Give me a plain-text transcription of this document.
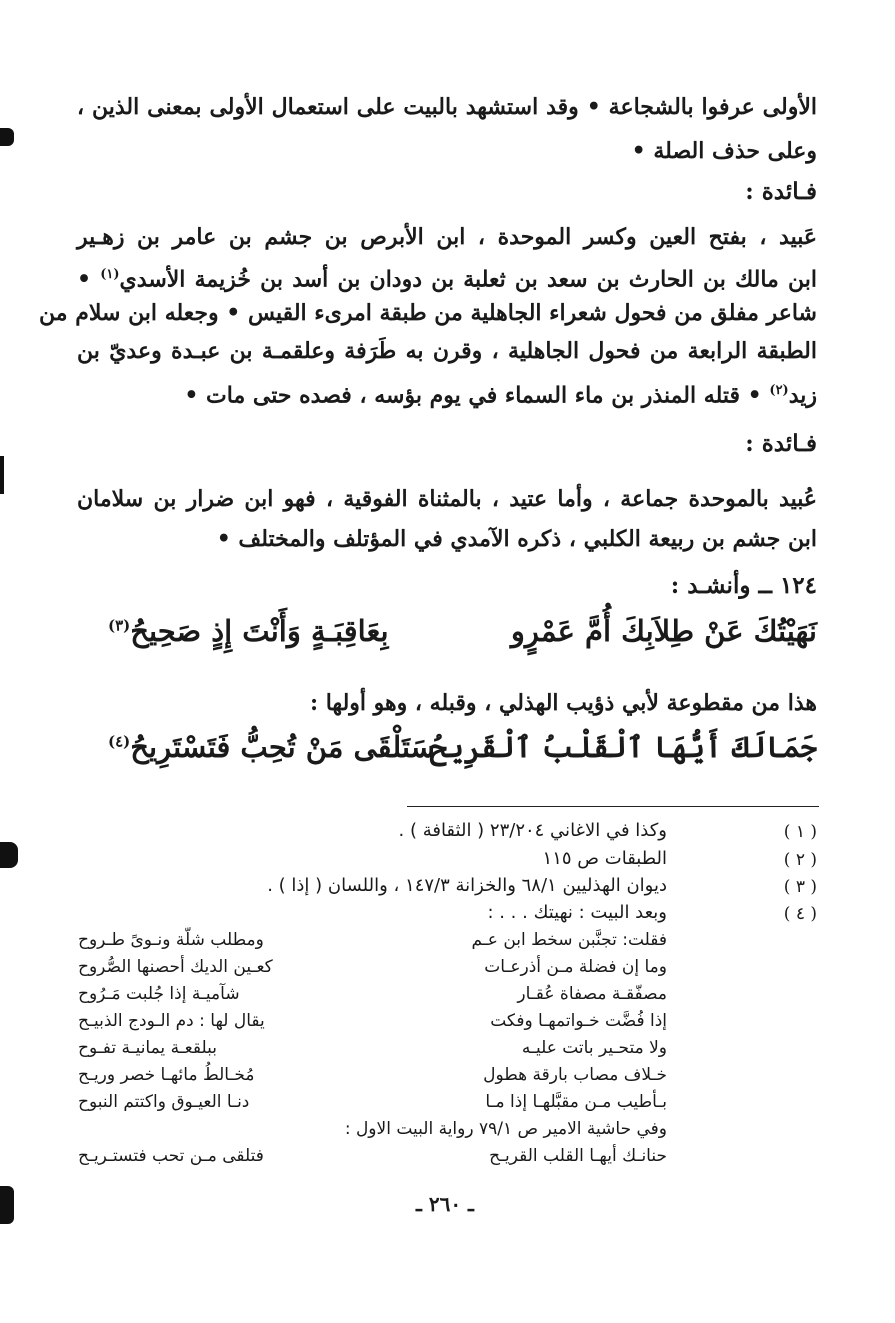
الأولى عرفوا بالشجاعة • وقد استشهد بالبيت على استعمال الأولى بمعنى الذين ،
وعلى حذف الصلة •
فـائدة :
عَبيد ، بفتح العين وكسر الموحدة ، ابن الأبرص بن جشم بن عامر بن زهـير
ابن مالك بن الحارث بن سعد بن ثعلبة بن دودان بن أسد بن خُزيمة الأسدي$^{(١)}$ •
شاعر مفلق من فحول شعراء الجاهلية من طبقة امرىء القيس • وجعله ابن سلام من
الطبقة الرابعة من فحول الجاهلية ، وقرن به طَرَفة وعلقمـة بن عبـدة وعديّ بن
زيد$^{(٢)}$ • قتله المنذر بن ماء السماء في يوم بؤسه ، فصده حتى مات •
فـائدة :
عُبيد بالموحدة جماعة ، وأما عتيد ، بالمثناة الفوقية ، فهو ابن ضرار بن سلامان
ابن جشم بن ربيعة الكلبي ، ذكره الآمدي في المؤتلف والمختلف •
١٢٤ ــ وأنشـد :
نَهَيْتُكَ عَنْ طِلاَبِكَ أُمَّ عَمْرٍو
بِعَاقِبَـةٍ وَأَنْتَ إِذٍ صَحِيحُ$^{(٣)}$
هذا من مقطوعة لأبي ذؤيب الهذلي ، وقبله ، وهو أولها :
جَمَالَكَ أَيُّهَا ٱلْقَلْبُ ٱلْقَرِيحُ
سَتَلْقَى مَنْ تُحِبُّ فَتَسْتَرِيحُ$^{(٤)}$
( ١ )
وكذا في الاغاني ٢٣/٢٠٤ ( الثقافة ) .
( ٢ )
الطبقات ص ١١٥
( ٣ )
ديوان الهذليين ٦٨/١ والخزانة ١٤٧/٣ ، واللسان ( إذا ) .
( ٤ )
وبعد البيت : نهيتك . . . :
فقلت: تجنَّبن سخط ابن عـم
ومطلب شلّة ونـوىً طـروح
وما إن فضلة مـن أذرعـات
كعـين الديك أحصنها الصُّروح
مصفّقـة مصفاة عُقـار
شآميـة إذا جُلبت مَـرُوح
إذا فُضَّت خـواتمهـا وفكت
يقال لها : دم الـودج الذبيـح
ولا متحـير باتت عليـه
ببلقعـة يمانيـة تفـوح
خـلاف مصاب بارقة هطول
مُخـالطُ مائهـا خصر وريـح
بـأطيب مـن مقبَّلهـا إذا مـا
دنـا العيـوق واكتتم النبوح
وفي حاشية الامير ص ٧٩/١ رواية البيت الاول :
حنانـك أيهـا القلب القريـح
فتلقى مـن تحب فتستـريـح
ـ ٢٦٠ ـ
